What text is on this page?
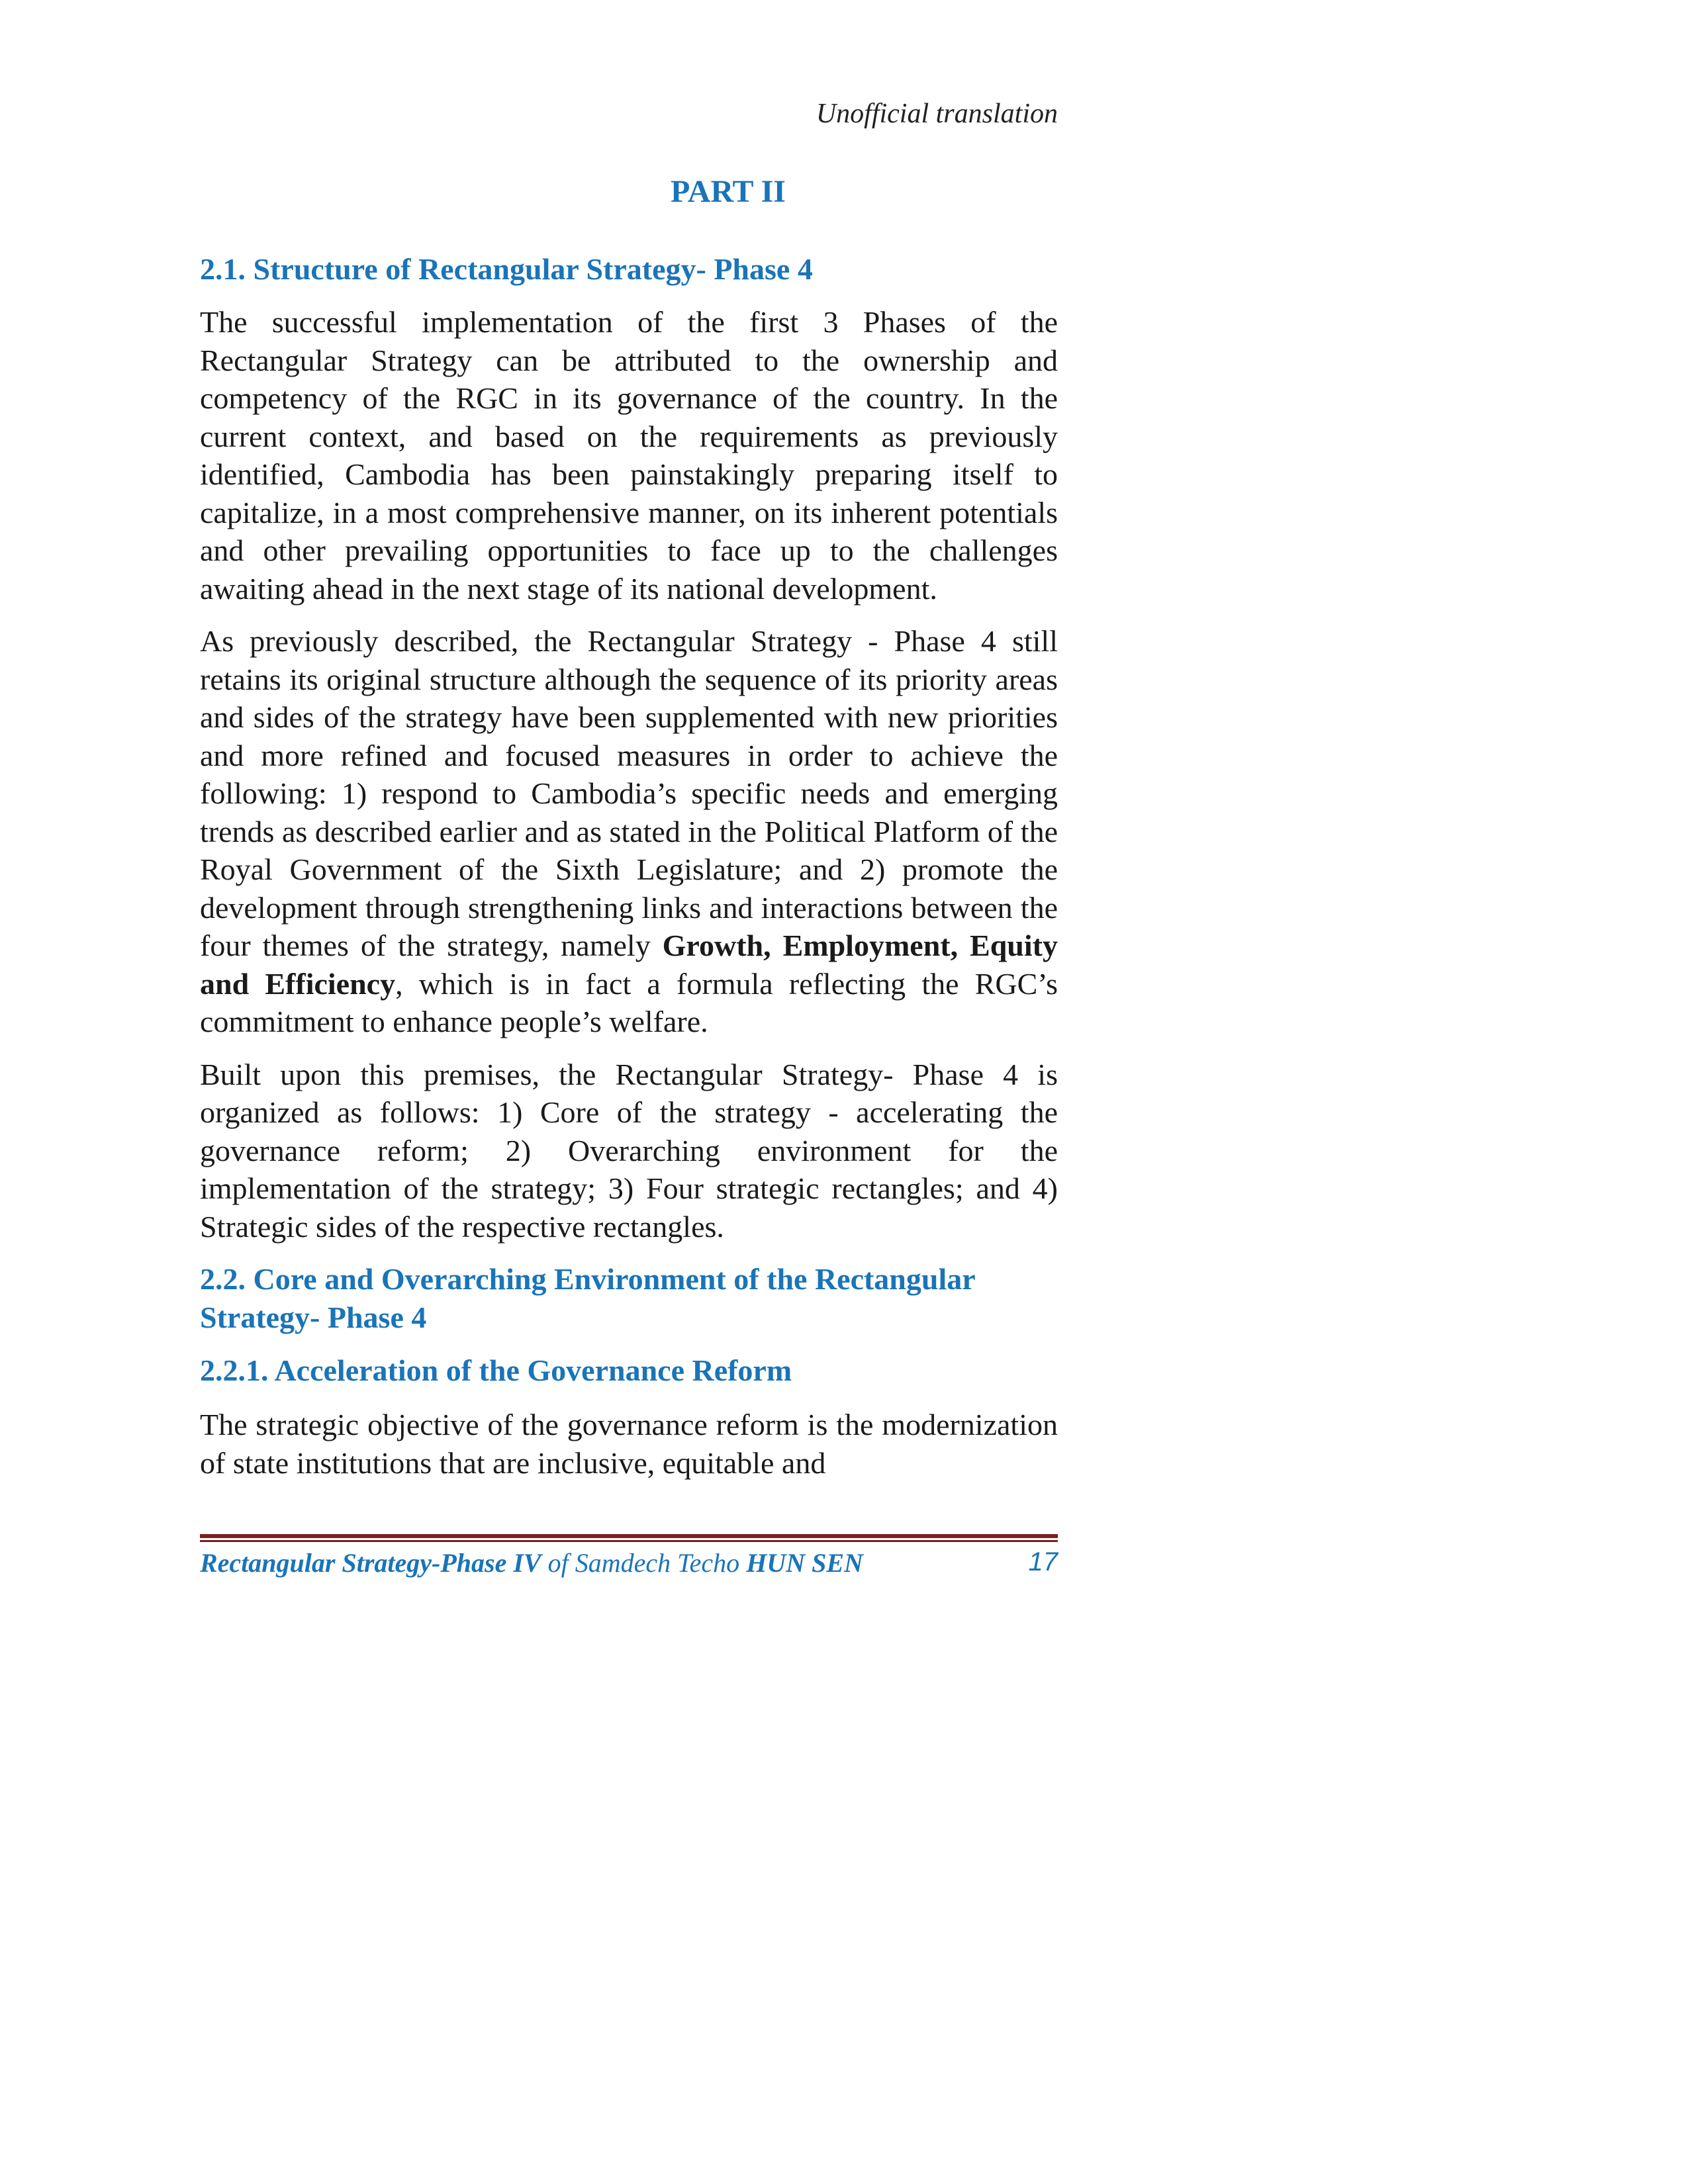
Unofficial translation
PART II
2.1. Structure of Rectangular Strategy- Phase 4

The successful implementation of the first 3 Phases of the Rectangular Strategy can be attributed to the ownership and competency of the RGC in its governance of the country. In the current context, and based on the requirements as previously identified, Cambodia has been painstakingly preparing itself to capitalize, in a most comprehensive manner, on its inherent potentials and other prevailing opportunities to face up to the challenges awaiting ahead in the next stage of its national development.

As previously described, the Rectangular Strategy - Phase 4 still retains its original structure although the sequence of its priority areas and sides of the strategy have been supplemented with new priorities and more refined and focused measures in order to achieve the following: 1) respond to Cambodia’s specific needs and emerging trends as described earlier and as stated in the Political Platform of the Royal Government of the Sixth Legislature; and 2) promote the development through strengthening links and interactions between the four themes of the strategy, namely Growth, Employment, Equity and Efficiency, which is in fact a formula reflecting the RGC’s commitment to enhance people’s welfare.

Built upon this premises, the Rectangular Strategy- Phase 4 is organized as follows: 1) Core of the strategy - accelerating the governance reform; 2) Overarching environment for the implementation of the strategy; 3) Four strategic rectangles; and 4) Strategic sides of the respective rectangles.

2.2. Core and Overarching Environment of the Rectangular Strategy- Phase 4
2.2.1. Acceleration of the Governance Reform

The strategic objective of the governance reform is the modernization of state institutions that are inclusive, equitable and

Rectangular Strategy-Phase IV of Samdech Techo HUN SEN	17
